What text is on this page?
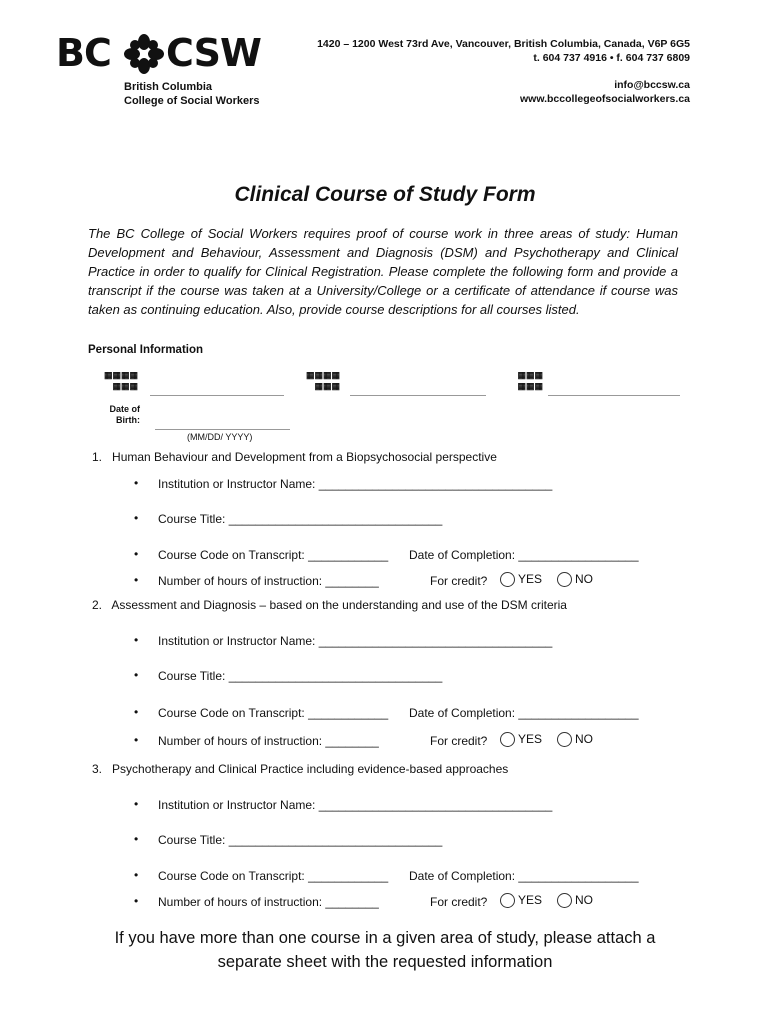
BC CSW
British Columbia
College of Social Workers
1420 – 1200 West 73rd Ave, Vancouver, British Columbia, Canada, V6P 6G5
t. 604 737 4916 • f. 604 737 6809
info@bccsw.ca
www.bccollegeofsocialworkers.ca
Clinical Course of Study Form
The BC College of Social Workers requires proof of course work in three areas of study: Human Development and Behaviour, Assessment and Diagnosis (DSM) and Psychotherapy and Clinical Practice in order to qualify for Clinical Registration. Please complete the following form and provide a transcript if the course was taken at a University/College or a certificate of attendance if course was taken as continuing education. Also, provide course descriptions for all courses listed.
Personal Information
▦▦▦▦
▦▦▦
▦▦▦▦
▦▦▦
▦▦▦
▦▦▦
Date of
Birth:
(MM/DD/ YYYY)
1. Human Behaviour and Development from a Biopsychosocial perspective
• Institution or Instructor Name: ___________________________________
• Course Title: ________________________________
• Course Code on Transcript: ____________ Date of Completion: __________________
• Number of hours of instruction: ________	For credit?	YES	NO
2. Assessment and Diagnosis – based on the understanding and use of the DSM criteria
• Institution or Instructor Name: ___________________________________
• Course Title: ________________________________
• Course Code on Transcript: ____________ Date of Completion: __________________
• Number of hours of instruction: ________	For credit?	YES	NO
3. Psychotherapy and Clinical Practice including evidence-based approaches
• Institution or Instructor Name: ___________________________________
• Course Title: ________________________________
• Course Code on Transcript: ____________ Date of Completion: __________________
• Number of hours of instruction: ________	For credit?	YES	NO
If you have more than one course in a given area of study, please attach a
separate sheet with the requested information
